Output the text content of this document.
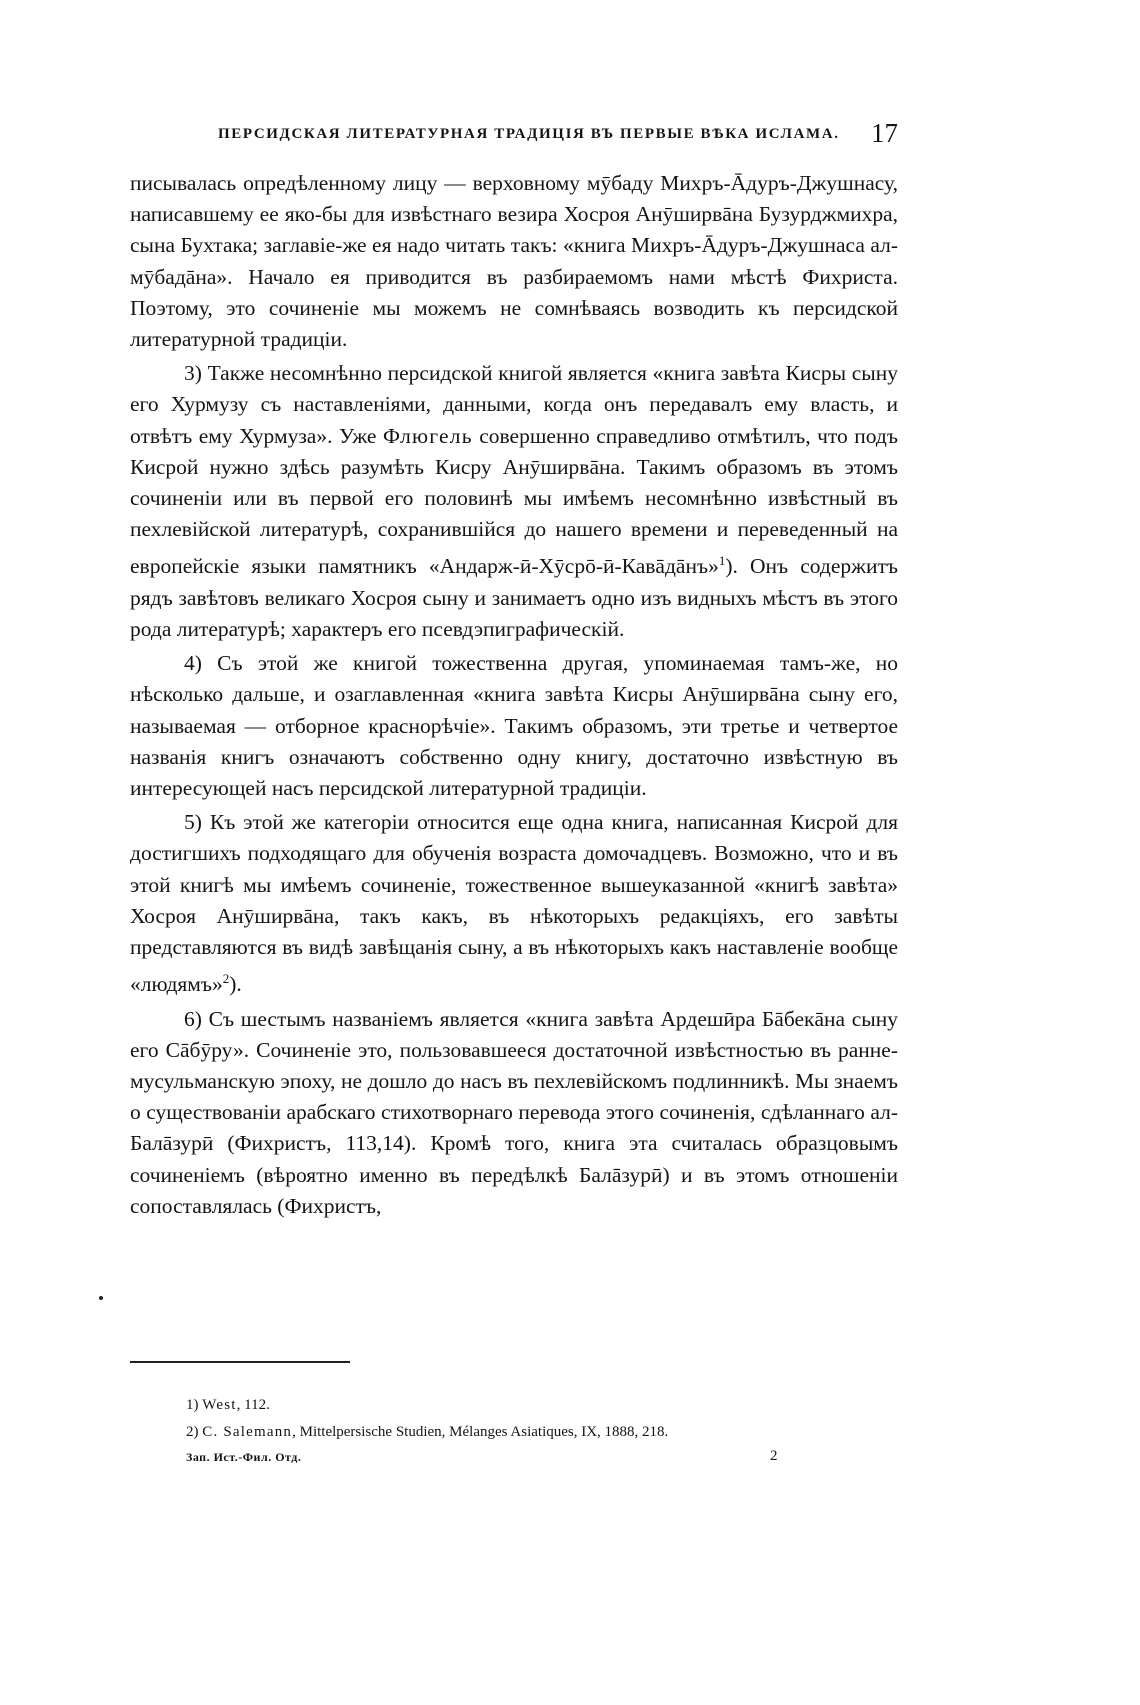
ПЕРСИДСКАЯ ЛИТЕРАТУРНАЯ ТРАДИЦІЯ ВЪ ПЕРВЫЕ ВѢКА ИСЛАМА. 17

писывалась опредѣленному лицу — верховному мӯбаду Михръ-Āдуръ-Джушнасу, написавшему ее яко-бы для извѣстнаго везира Хосроя Анӯширвāна Бузурджмихра, сына Бухтака; заглавіе-же ея надо читать такъ: «книга Михръ-Āдуръ-Джушнаса ал-мӯбадāна». Начало ея приводится въ разбираемомъ нами мѣстѣ Фихриста. Поэтому, это сочиненіе мы можемъ не сомнѣваясь возводить къ персидской литературной традиціи.

3) Также несомнѣнно персидской книгой является «книга завѣта Кисры сыну его Хурмузу съ наставленіями, данными, когда онъ передавалъ ему власть, и отвѣтъ ему Хурмуза». Уже Флюгель совершенно справедливо отмѣтилъ, что подъ Кисрой нужно здѣсь разумѣть Кисру Анӯширвāна. Такимъ образомъ въ этомъ сочиненіи или въ первой его половинѣ мы имѣемъ несомнѣнно извѣстный въ пехлевійской литературѣ, сохранившійся до нашего времени и переведенный на европейскіе языки памятникъ «Андарж-ӣ-Хӯсрō-ӣ-Кавāдāнъ»$^1$). Онъ содержитъ рядъ завѣтовъ великаго Хосроя сыну и занимаетъ одно изъ видныхъ мѣстъ въ этого рода литературѣ; характеръ его псевдэпиграфическій.

4) Съ этой же книгой тожественна другая, упоминаемая тамъ-же, но нѣсколько дальше, и озаглавленная «книга завѣта Кисры Анӯширвāна сыну его, называемая — отборное краснорѣчіе». Такимъ образомъ, эти третье и четвертое названія книгъ означаютъ собственно одну книгу, достаточно извѣстную въ интересующей насъ персидской литературной традиціи.

5) Къ этой же категоріи относится еще одна книга, написанная Кисрой для достигшихъ подходящаго для обученія возраста домочадцевъ. Возможно, что и въ этой книгѣ мы имѣемъ сочиненіе, тожественное вышеуказанной «книгѣ завѣта» Хосроя Анӯширвāна, такъ какъ, въ нѣкоторыхъ редакціяхъ, его завѣты представляются въ видѣ завѣщанія сыну, а въ нѣкоторыхъ какъ наставленіе вообще «людямъ»$^2$).

6) Съ шестымъ названіемъ является «книга завѣта Ардешӣра Бāбекāна сыну его Сāбӯру». Сочиненіе это, пользовавшееся достаточной извѣстностью въ ранне-мусульманскую эпоху, не дошло до насъ въ пехлевійскомъ подлинникѣ. Мы знаемъ о существованіи арабскаго стихотворнаго перевода этого сочиненія, сдѣланнаго ал-Балāзурӣ (Фихристъ, 113,14). Кромѣ того, книга эта считалась образцовымъ сочиненіемъ (вѣроятно именно въ передѣлкѣ Балāзурӣ) и въ этомъ отношеніи сопоставлялась (Фихристъ,

1) West, 112.
2) C. Salemann, Mittelpersische Studien, Mélanges Asiatiques, IX, 1888, 218.
Зап. Ист.-Фил. Отд.	2
